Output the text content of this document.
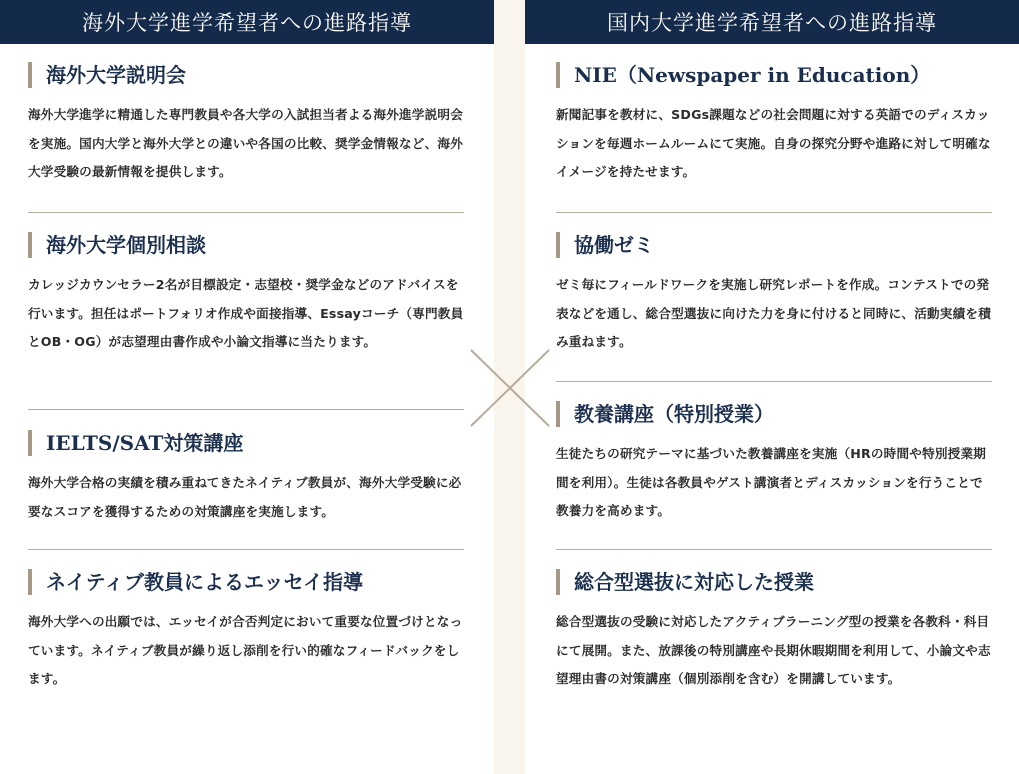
海外大学進学希望者への進路指導
海外大学説明会

海外大学進学に精通した専門教員や各大学の入試担当者よる海外進学説明会を実施。国内大学と海外大学との違いや各国の比較、奨学金情報など、海外大学受験の最新情報を提供します。

海外大学個別相談

カレッジカウンセラー2名が目標設定・志望校・奨学金などのアドバイスを行います。担任はポートフォリオ作成や面接指導、Essayコーチ（専門教員とOB・OG）が志望理由書作成や小論文指導に当たります。

IELTS/SAT対策講座

海外大学合格の実績を積み重ねてきたネイティブ教員が、海外大学受験に必要なスコアを獲得するための対策講座を実施します。

ネイティブ教員によるエッセイ指導

海外大学への出願では、エッセイが合否判定において重要な位置づけとなっています。ネイティブ教員が繰り返し添削を行い的確なフィードバックをします。

国内大学進学希望者への進路指導
NIE（Newspaper in Education）

新聞記事を教材に、SDGs課題などの社会問題に対する英語でのディスカッションを毎週ホームルームにて実施。自身の探究分野や進路に対して明確なイメージを持たせます。

協働ゼミ

ゼミ毎にフィールドワークを実施し研究レポートを作成。コンテストでの発表などを通し、総合型選抜に向けた力を身に付けると同時に、活動実績を積み重ねます。

教養講座（特別授業）

生徒たちの研究テーマに基づいた教養講座を実施（HRの時間や特別授業期間を利用）。生徒は各教員やゲスト講演者とディスカッションを行うことで教養力を高めます。

総合型選抜に対応した授業

総合型選抜の受験に対応したアクティブラーニング型の授業を各教科・科目にて展開。また、放課後の特別講座や長期休暇期間を利用して、小論文や志望理由書の対策講座（個別添削を含む）を開講しています。
